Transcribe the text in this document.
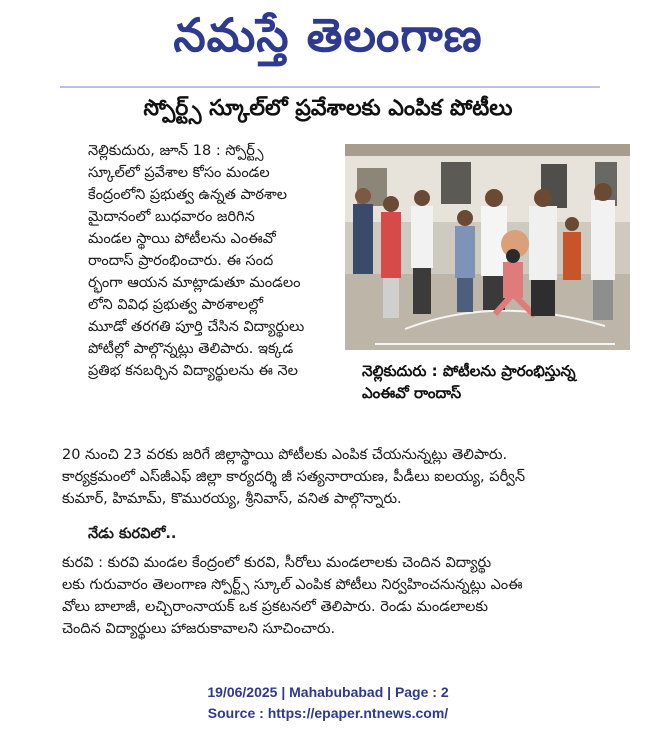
నమస్తే తెలంగాణ
స్పోర్ట్స్ స్కూల్‌లో ప్రవేశాలకు ఎంపిక పోటీలు
నెల్లికుదురు, జూన్ 18 : స్పోర్ట్స్
స్కూల్‌లో ప్రవేశాల కోసం మండల
కేంద్రంలోని ప్రభుత్వ ఉన్నత పాఠశాల
మైదానంలో బుధవారం జరిగిన
మండల స్థాయి పోటీలను ఎంఈవో
రాందాస్ ప్రారంభించారు. ఈ సంద
ర్భంగా ఆయన మాట్లాడుతూ మండలం
లోని వివిధ ప్రభుత్వ పాఠశాలల్లో
మూడో తరగతి పూర్తి చేసిన విద్యార్థులు
పోటీల్లో పాల్గొన్నట్లు తెలిపారు. ఇక్కడ
ప్రతిభ కనబర్చిన విద్యార్థులను ఈ నెల	నెల్లికుదురు : పోటీలను ప్రారంభిస్తున్న
ఎంఈవో రాందాస్
20 నుంచి 23 వరకు జరిగే జిల్లాస్థాయి పోటీలకు ఎంపిక చేయనున్నట్లు తెలిపారు.
కార్యక్రమంలో ఎస్‌జీఎఫ్ జిల్లా కార్యదర్శి జీ సత్యనారాయణ, పీడీలు ఐలయ్య, పర్వీన్
కుమార్, హిమామ్, కొమురయ్య, శ్రీనివాస్, వనిత పాల్గొన్నారు.
నేడు కురవిలో..
కురవి : కురవి మండల కేంద్రంలో కురవి, సీరోలు మండలాలకు చెందిన విద్యార్థు
లకు గురువారం తెలంగాణ స్పోర్ట్స్ స్కూల్ ఎంపిక పోటీలు నిర్వహించనున్నట్లు ఎంఈ
వోలు బాలాజీ, లచ్చిరాంనాయక్ ఒక ప్రకటనలో తెలిపారు. రెండు మండలాలకు
చెందిన విద్యార్థులు హాజరుకావాలని సూచించారు.
19/06/2025 | Mahabubabad | Page : 2
Source : https://epaper.ntnews.com/
